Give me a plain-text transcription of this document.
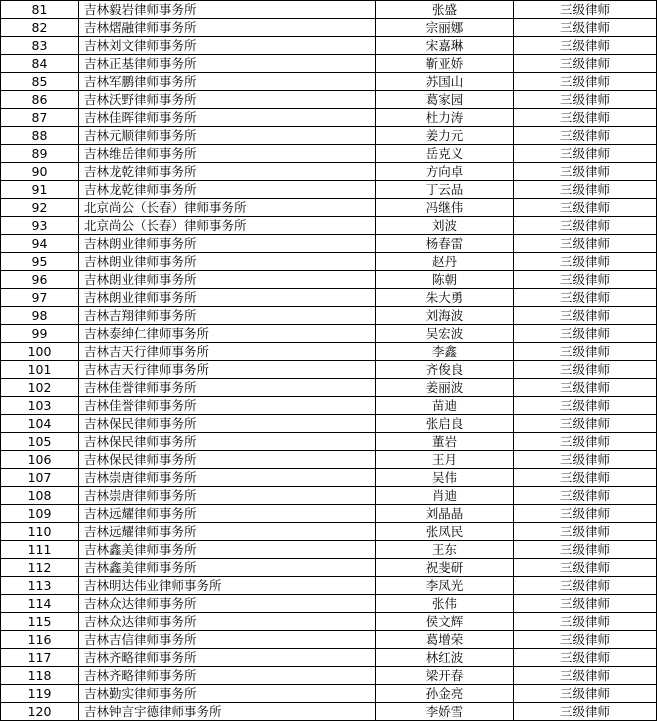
81	吉林毅岩律师事务所	张盛	三级律师
82	吉林熠融律师事务所	宗丽娜	三级律师
83	吉林刘文律师事务所	宋嘉琳	三级律师
84	吉林正基律师事务所	靳亚娇	三级律师
85	吉林军鹏律师事务所	苏国山	三级律师
86	吉林沃野律师事务所	葛家园	三级律师
87	吉林佳晖律师事务所	杜力涛	三级律师
88	吉林元顺律师事务所	姜力元	三级律师
89	吉林维岳律师事务所	岳克义	三级律师
90	吉林龙乾律师事务所	方向卓	三级律师
91	吉林龙乾律师事务所	丁云品	三级律师
92	北京尚公（长春）律师事务所	冯继伟	三级律师
93	北京尚公（长春）律师事务所	刘波	三级律师
94	吉林朗业律师事务所	杨春雷	三级律师
95	吉林朗业律师事务所	赵丹	三级律师
96	吉林朗业律师事务所	陈朝	三级律师
97	吉林朗业律师事务所	朱大勇	三级律师
98	吉林吉翔律师事务所	刘海波	三级律师
99	吉林泰绅仁律师事务所	吴宏波	三级律师
100	吉林吉天行律师事务所	李鑫	三级律师
101	吉林吉天行律师事务所	齐俊良	三级律师
102	吉林佳誉律师事务所	姜丽波	三级律师
103	吉林佳誉律师事务所	苗迪	三级律师
104	吉林保民律师事务所	张启良	三级律师
105	吉林保民律师事务所	董岩	三级律师
106	吉林保民律师事务所	王月	三级律师
107	吉林崇唐律师事务所	吴伟	三级律师
108	吉林崇唐律师事务所	肖迪	三级律师
109	吉林远耀律师事务所	刘晶晶	三级律师
110	吉林远耀律师事务所	张凤民	三级律师
111	吉林鑫美律师事务所	王东	三级律师
112	吉林鑫美律师事务所	祝斐研	三级律师
113	吉林明达伟业律师事务所	李凤光	三级律师
114	吉林众达律师事务所	张伟	三级律师
115	吉林众达律师事务所	侯文辉	三级律师
116	吉林吉信律师事务所	葛增荣	三级律师
117	吉林齐略律师事务所	林红波	三级律师
118	吉林齐略律师事务所	梁开春	三级律师
119	吉林勤实律师事务所	孙金亮	三级律师
120	吉林钟言宇德律师事务所	李娇雪	三级律师
